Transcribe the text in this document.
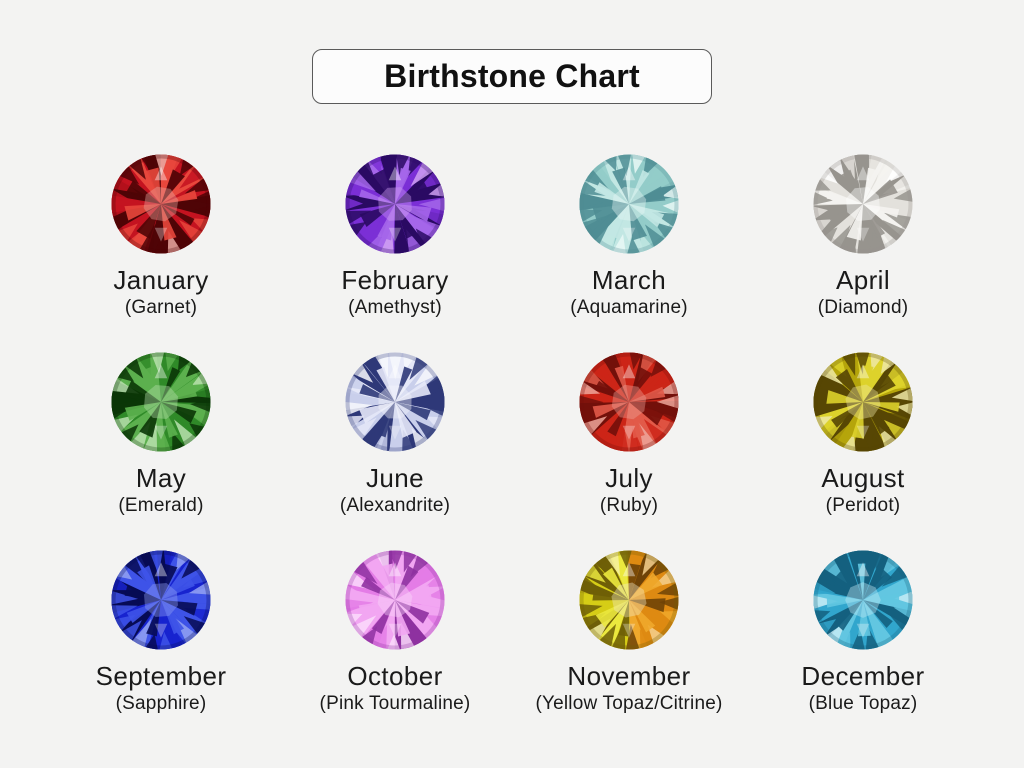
Birthstone Chart
January
(Garnet)
February
(Amethyst)
March
(Aquamarine)
April
(Diamond)
May
(Emerald)
June
(Alexandrite)
July
(Ruby)
August
(Peridot)
September
(Sapphire)
October
(Pink Tourmaline)
November
(Yellow Topaz/Citrine)
December
(Blue Topaz)
